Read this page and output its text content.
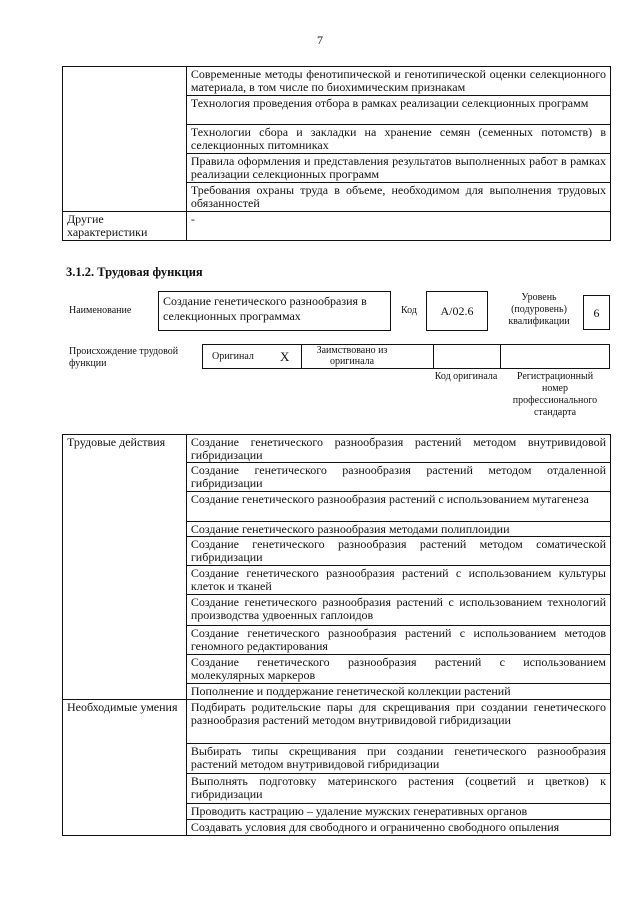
7
	Современные методы фенотипической и генотипической оценки селекционного материала, в том числе по биохимическим признакам
	Технология проведения отбора в рамках реализации селекционных программ
	Технологии сбора и закладки на хранение семян (семенных потомств) в селекционных питомниках
	Правила оформления и представления результатов выполненных работ в рамках реализации селекционных программ
	Требования охраны труда в объеме, необходимом для выполнения трудовых обязанностей
Другие характеристики	-
3.1.2. Трудовая функция
Наименование
Создание генетического разнообразия в селекционных программах	Код	А/02.6
Уровень (подуровень) квалификации
6
Происхождение трудовой функции
Оригинал X	Заимствовано из оригинала
Код оригинала	Регистрационный номер профессионального стандарта
Трудовые действия	Создание генетического разнообразия растений методом внутривидовой гибридизации
	Создание генетического разнообразия растений методом отдаленной гибридизации
	Создание генетического разнообразия растений с использованием мутагенеза
	Создание генетического разнообразия методами полиплоидии
	Создание генетического разнообразия растений методом соматической гибридизации
	Создание генетического разнообразия растений с использованием культуры клеток и тканей
	Создание генетического разнообразия растений с использованием технологий производства удвоенных гаплоидов
	Создание генетического разнообразия растений с использованием методов геномного редактирования
	Создание генетического разнообразия растений с использованием молекулярных маркеров
	Пополнение и поддержание генетической коллекции растений
Необходимые умения	Подбирать родительские пары для скрещивания при создании генетического разнообразия растений методом внутривидовой гибридизации
	Выбирать типы скрещивания при создании генетического разнообразия растений методом внутривидовой гибридизации
	Выполнять подготовку материнского растения (соцветий и цветков) к гибридизации
	Проводить кастрацию – удаление мужских генеративных органов
	Создавать условия для свободного и ограниченно свободного опыления
